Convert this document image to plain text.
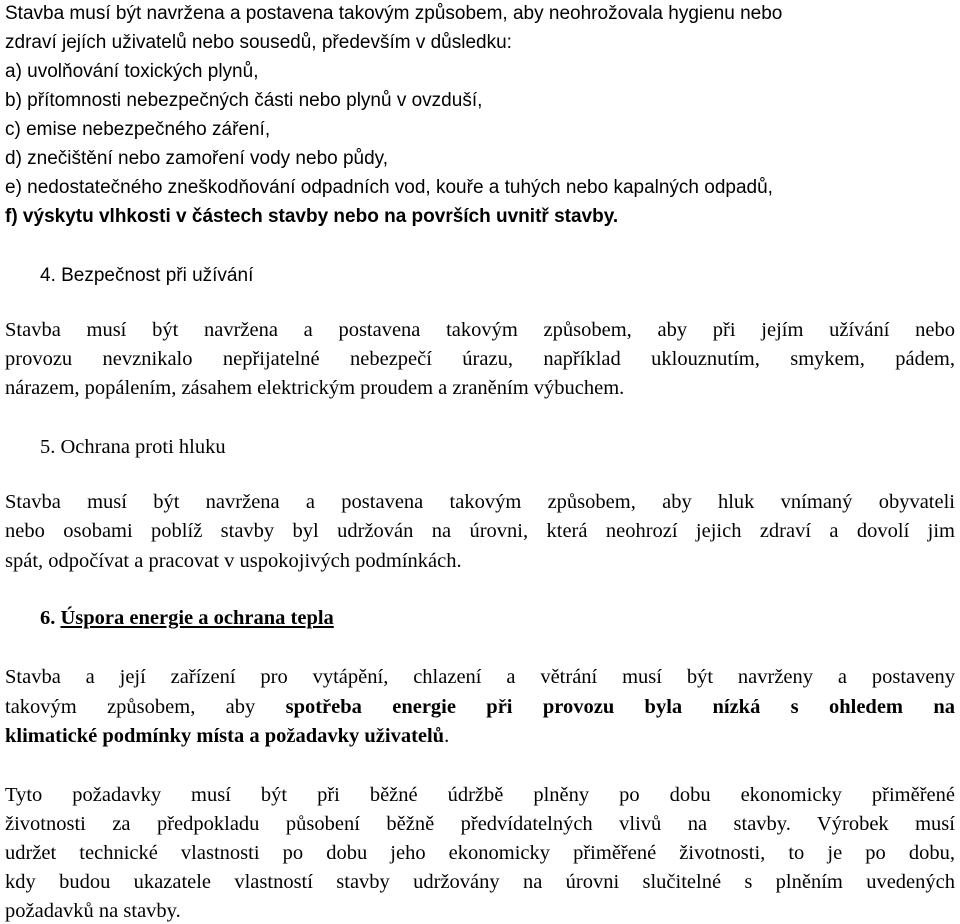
Stavba musí být navržena a postavena takovým způsobem, aby neohrožovala hygienu nebo
zdraví jejích uživatelů nebo sousedů, především v důsledku:
a) uvolňování toxických plynů,
b) přítomnosti nebezpečných části nebo plynů v ovzduší,
c) emise nebezpečného záření,
d) znečištění nebo zamoření vody nebo půdy,
e) nedostatečného zneškodňování odpadních vod, kouře a tuhých nebo kapalných odpadů,
f) výskytu vlhkosti v částech stavby nebo na površích uvnitř stavby.
4. Bezpečnost při užívání
Stavba musí být navržena a postavena takovým způsobem, aby při jejím užívání nebo
provozu nevznikalo nepřijatelné nebezpečí úrazu, například uklouznutím, smykem, pádem,
nárazem, popálením, zásahem elektrickým proudem a zraněním výbuchem.
5. Ochrana proti hluku
Stavba musí být navržena a postavena takovým způsobem, aby hluk vnímaný obyvateli
nebo osobami poblíž stavby byl udržován na úrovni, která neohrozí jejich zdraví a dovolí jim
spát, odpočívat a pracovat v uspokojivých podmínkách.
6. Úspora energie a ochrana tepla
Stavba a její zařízení pro vytápění, chlazení a větrání musí být navrženy a postaveny
takovým způsobem, aby spotřeba energie při provozu byla nízká s ohledem na
klimatické podmínky místa a požadavky uživatelů.
Tyto požadavky musí být při běžné údržbě plněny po dobu ekonomicky přiměřené
životnosti za předpokladu působení běžně předvídatelných vlivů na stavby. Výrobek musí
udržet technické vlastnosti po dobu jeho ekonomicky přiměřené životnosti, to je po dobu,
kdy budou ukazatele vlastností stavby udržovány na úrovni slučitelné s plněním uvedených
požadavků na stavby.
